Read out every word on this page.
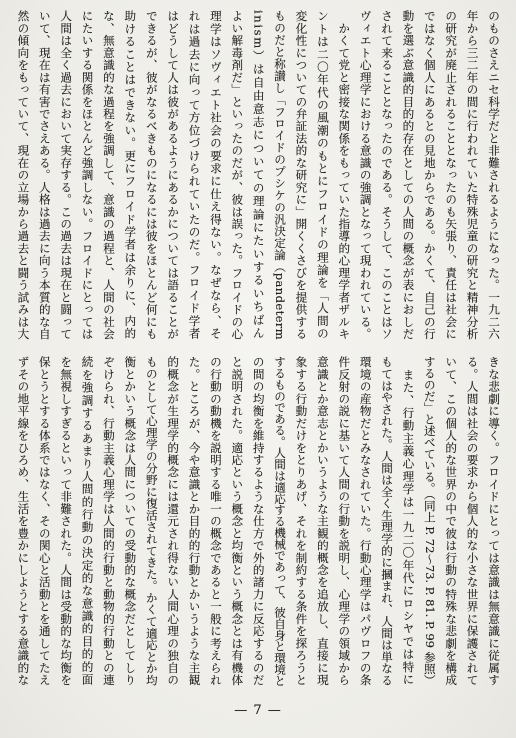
のものさえニセ科学だと非難されるようになった。一九二六
年から三二年の間に行われていた特殊児童の研究と精神分析
の研究が廃止されることとなったのも矢張り、責任は社会に
ではなく個人にあるとの見地からである。かくて、自己の行
動を選ぶ意識的目的的存在としての人間の概念が表におしだ
されて来ることとなったのである。そうして、このことはソ
ヴィエト心理学における意識の強調となって現われている。
　かくて党と密接な関係をもっていた指導的心理学者ザルキ
ントは二〇年代の風潮のもとにフロイドの理論を「人間の
変化性についての弁証法的な研究に」開くくさびを提供する
ものだと称讃し「フロイドのプシケの汎決定論（pandeterm
inism）は自由意志についての理論にたいするいちばん
よい解毒剤だ」といったのだが、彼は誤った。フロイドの心
理学はソヴィエト社会の要求に仕え得ない。なぜなら、そ
れは過去に向って方位づけられていたのだ。フロイド学者
はどうして人は彼があるようにあるかについては語ることが
できるが、彼がなるべきものになるには彼をほとんど何にも
助けることはできない。更にフロイド学者は余りに、内的
な、無意識的な過程を強調して、意識の過程と、人間の社会
にたいする関係をほとんど強調しない。フロイドにとっては
人間は全く過去において実存する。この過去は現在と闘って
いて、現在は有害でさえある。人格は過去に向う本質的な自
然の傾向をもっていて、現在の立場から過去と闘う試みは大
きな悲劇に導く。フロイドにとっては意識は無意識に従属す
る。人間は社会の要求から個人的な小さな世界に保護されて
いて、この個人的な世界の中で彼は行動の特殊な悲劇を構成
するのだ」と述べている。（同上 P. 72〜73. P. 81. P. 99 参照）
　また、行動主義心理学は一九二〇年代にロシヤでは特に
もてはやされた。人間は全く生理学的に摑まれ、人間は単なる
環境の産物だとみなされていた。行動心理学はパヴロフの条
件反射の説に基いて人間の行動を説明し、心理学の領域から
意識とか意志とかいうような主観的概念を追放し、直接に現
象する行動だけをとりあげ、それを制約する条件を探ろうと
するものである。人間は適応する機械であって、彼自身と環境と
の間の均衡を維持するような仕方で外的諸力に反応するのだ
と説明された。適応という概念と均衡という概念とは有機体
の行動の動機を説明する唯一の概念であると一般に考えられ
た。ところが、今や意識とか目的的行動とかいうような主観
的概念が生理学的概念には還元され得ない人間心理の独自の
ものとして心理学の分野に復活されてきた。かくて適応とか均
衡とかいう概念は人間についての受動的な概念だとしてしり
ぞけられ、行動主義心理学は人間的行動と動物的行動との連
続を強調するあまり人間的行動の決定的な意識的目的的面
を無視しすぎるといって非難された。人間は受動的な均衡を
保とうとする体系ではなく、その関心と活動とを通してたえ
ずその地平線をひろめ、生活を豊かにしようとする意識的な
— 7 —
